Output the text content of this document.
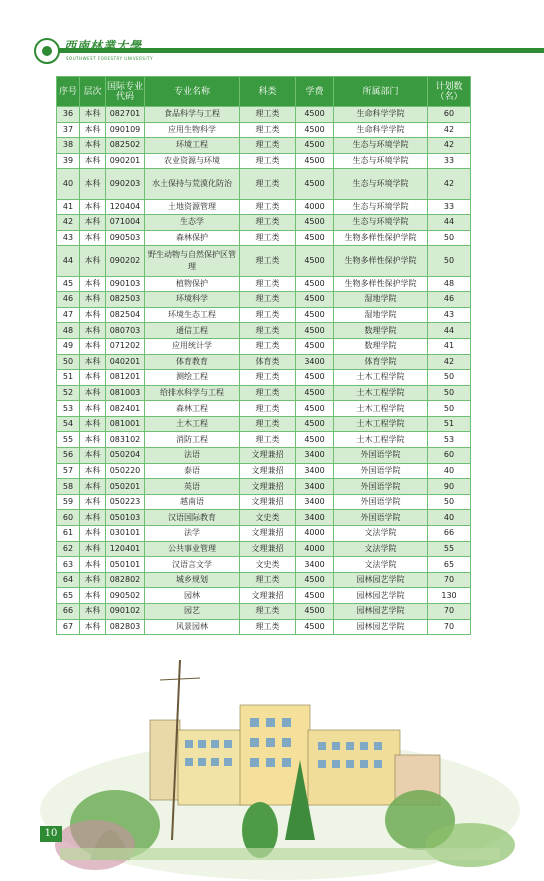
西南林業大學
SOUTHWEST FORESTRY UNIVERSITY
序号	层次	国际专业代码	专业名称	科类	学费	所属部门	计划数（名）
36	本科	082701	食品科学与工程	理工类	4500	生命科学学院	60
37	本科	090109	应用生物科学	理工类	4500	生命科学学院	42
38	本科	082502	环境工程	理工类	4500	生态与环境学院	42
39	本科	090201	农业资源与环境	理工类	4500	生态与环境学院	33
40	本科	090203	水土保持与荒漠化防治	理工类	4500	生态与环境学院	42
41	本科	120404	土地资源管理	理工类	4000	生态与环境学院	33
42	本科	071004	生态学	理工类	4500	生态与环境学院	44
43	本科	090503	森林保护	理工类	4500	生物多样性保护学院	50
44	本科	090202	野生动物与自然保护区管理	理工类	4500	生物多样性保护学院	50
45	本科	090103	植物保护	理工类	4500	生物多样性保护学院	48
46	本科	082503	环境科学	理工类	4500	湿地学院	46
47	本科	082504	环境生态工程	理工类	4500	湿地学院	43
48	本科	080703	通信工程	理工类	4500	数理学院	44
49	本科	071202	应用统计学	理工类	4500	数理学院	41
50	本科	040201	体育教育	体育类	3400	体育学院	42
51	本科	081201	测绘工程	理工类	4500	土木工程学院	50
52	本科	081003	给排水科学与工程	理工类	4500	土木工程学院	50
53	本科	082401	森林工程	理工类	4500	土木工程学院	50
54	本科	081001	土木工程	理工类	4500	土木工程学院	51
55	本科	083102	消防工程	理工类	4500	土木工程学院	53
56	本科	050204	法语	文理兼招	3400	外国语学院	60
57	本科	050220	泰语	文理兼招	3400	外国语学院	40
58	本科	050201	英语	文理兼招	3400	外国语学院	90
59	本科	050223	越南语	文理兼招	3400	外国语学院	50
60	本科	050103	汉语国际教育	文史类	3400	外国语学院	40
61	本科	030101	法学	文理兼招	4000	文法学院	66
62	本科	120401	公共事业管理	文理兼招	4000	文法学院	55
63	本科	050101	汉语言文学	文史类	3400	文法学院	65
64	本科	082802	城乡规划	理工类	4500	园林园艺学院	70
65	本科	090502	园林	文理兼招	4500	园林园艺学院	130
66	本科	090102	园艺	理工类	4500	园林园艺学院	70
67	本科	082803	风景园林	理工类	4500	园林园艺学院	70
10
